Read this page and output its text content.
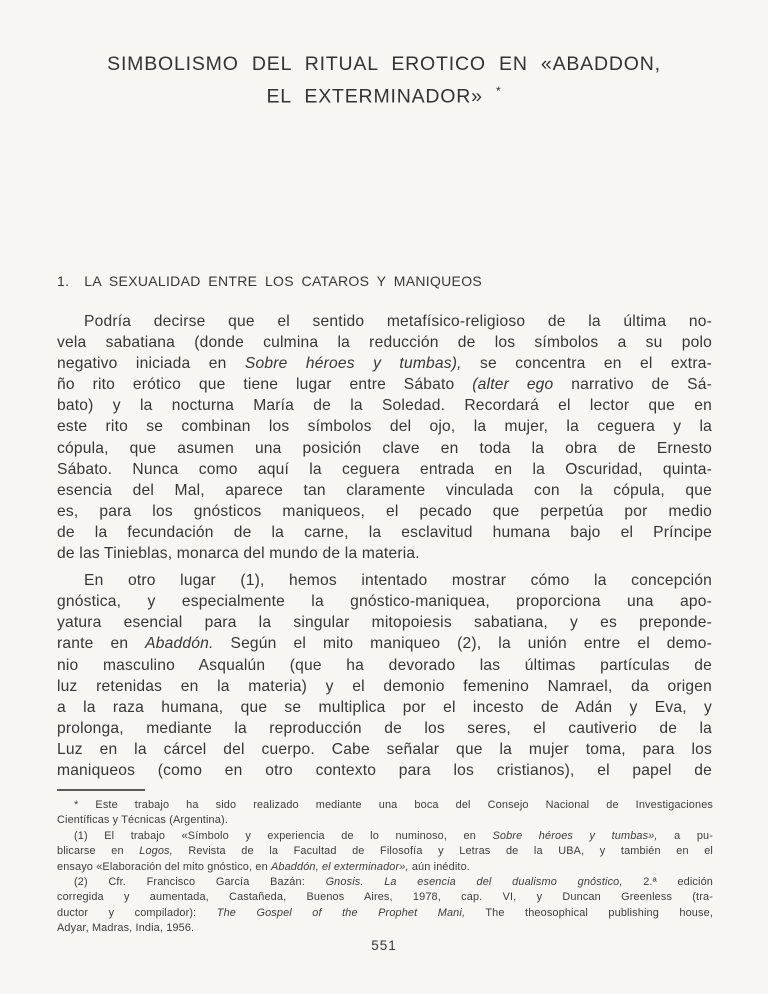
SIMBOLISMO DEL RITUAL EROTICO EN «ABADDON,
EL EXTERMINADOR» *
1. LA SEXUALIDAD ENTRE LOS CATAROS Y MANIQUEOS
Podría decirse que el sentido metafísico-religioso de la última no-
vela sabatiana (donde culmina la reducción de los símbolos a su polo
negativo iniciada en Sobre héroes y tumbas), se concentra en el extra-
ño rito erótico que tiene lugar entre Sábato (alter ego narrativo de Sá-
bato) y la nocturna María de la Soledad. Recordará el lector que en
este rito se combinan los símbolos del ojo, la mujer, la ceguera y la
cópula, que asumen una posición clave en toda la obra de Ernesto
Sábato. Nunca como aquí la ceguera entrada en la Oscuridad, quinta-
esencia del Mal, aparece tan claramente vinculada con la cópula, que
es, para los gnósticos maniqueos, el pecado que perpetúa por medio
de la fecundación de la carne, la esclavitud humana bajo el Príncipe
de las Tinieblas, monarca del mundo de la materia.
En otro lugar (1), hemos intentado mostrar cómo la concepción
gnóstica, y especialmente la gnóstico-maniquea, proporciona una apo-
yatura esencial para la singular mitopoiesis sabatiana, y es preponde-
rante en Abaddón. Según el mito maniqueo (2), la unión entre el demo-
nio masculino Asqualún (que ha devorado las últimas partículas de
luz retenidas en la materia) y el demonio femenino Namrael, da origen
a la raza humana, que se multiplica por el incesto de Adán y Eva, y
prolonga, mediante la reproducción de los seres, el cautiverio de la
Luz en la cárcel del cuerpo. Cabe señalar que la mujer toma, para los
maniqueos (como en otro contexto para los cristianos), el papel de
* Este trabajo ha sido realizado mediante una boca del Consejo Nacional de Investigaciones
Científicas y Técnicas (Argentina).
(1) El trabajo «Símbolo y experiencia de lo numinoso, en Sobre héroes y tumbas», a pu-
blicarse en Logos, Revista de la Facultad de Filosofía y Letras de la UBA, y también en el
ensayo «Elaboración del mito gnóstico, en Abaddón, el exterminador», aún inédito.
(2) Cfr. Francisco García Bazán: Gnosis. La esencia del dualismo gnóstico, 2.ª edición
corregida y aumentada, Castañeda, Buenos Aires, 1978, cap. VI, y Duncan Greenless (tra-
ductor y compilador): The Gospel of the Prophet Mani, The theosophical publishing house,
Adyar, Madras, India, 1956.
551
